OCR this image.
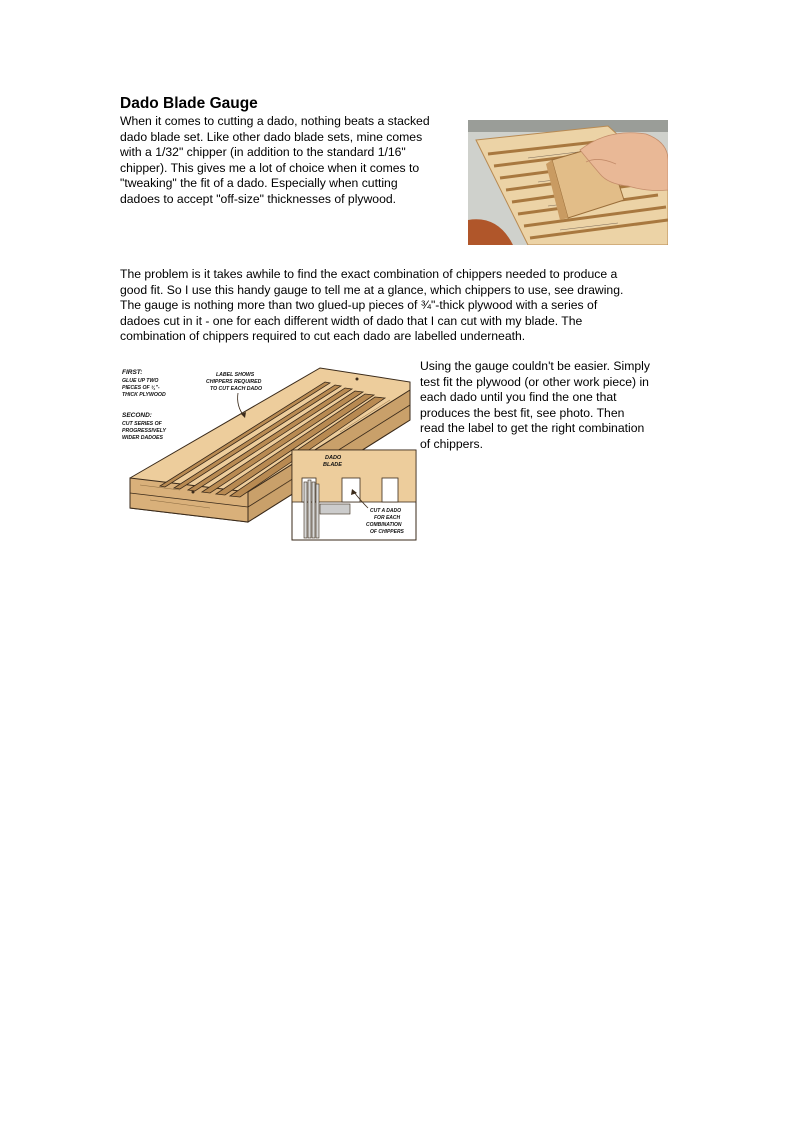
Dado Blade Gauge
When it comes to cutting a dado, nothing beats a stacked
dado blade set. Like other dado blade sets, mine comes
with a 1/32" chipper (in addition to the standard 1/16"
chipper). This gives me a lot of choice when it comes to
"tweaking" the fit of a dado. Especially when cutting
dadoes to accept "off-size" thicknesses of plywood.
The problem is it takes awhile to find the exact combination of chippers needed to produce a
good fit. So I use this handy gauge to tell me at a glance, which chippers to use, see drawing.
The gauge is nothing more than two glued-up pieces of ¾"-thick plywood with a series of
dadoes cut in it - one for each different width of dado that I can cut with my blade. The
combination of chippers required to cut each dado are labelled underneath.
FIRST:
GLUE UP TWO
PIECES OF ¾"-
THICK PLYWOOD
SECOND:
CUT SERIES OF
PROGRESSIVELY
WIDER DADOES
LABEL SHOWS
CHIPPERS REQUIRED
TO CUT EACH DADO
DADO
BLADE
CUT A DADO
FOR EACH
COMBINATION
OF CHIPPERS
Using the gauge couldn't be easier. Simply
test fit the plywood (or other work piece) in
each dado until you find the one that
produces the best fit, see photo. Then
read the label to get the right combination
of chippers.
